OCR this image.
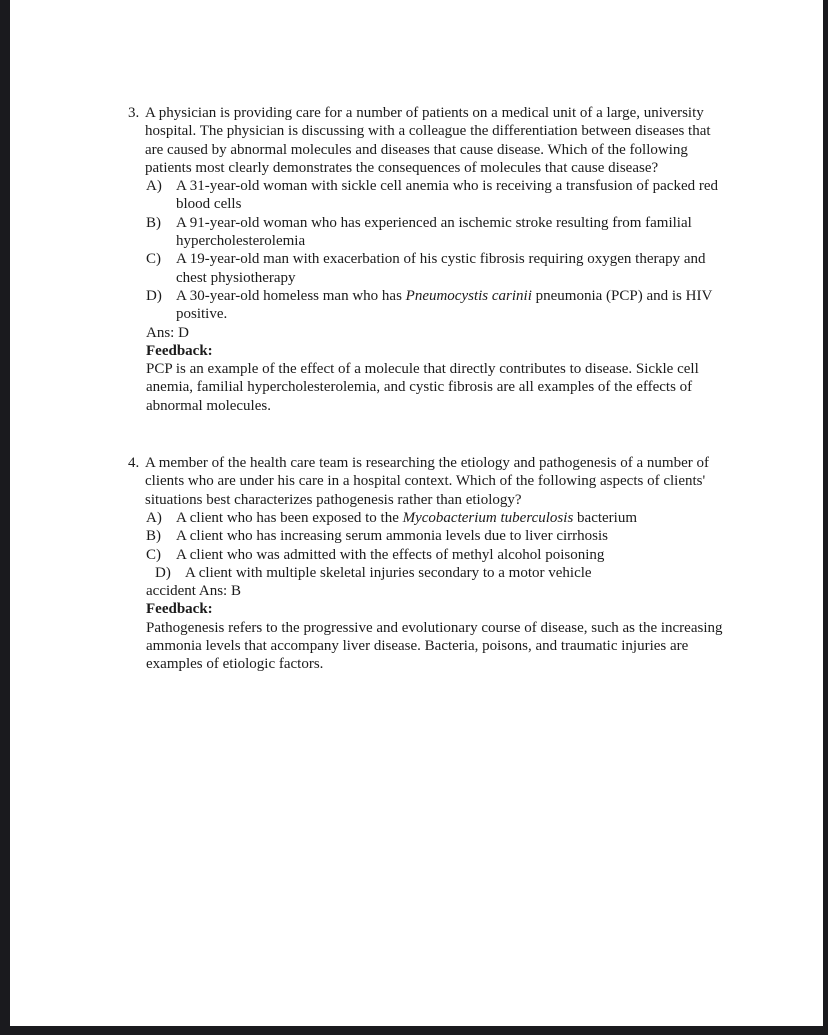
3. A physician is providing care for a number of patients on a medical unit of a large, university hospital. The physician is discussing with a colleague the differentiation between diseases that are caused by abnormal molecules and diseases that cause disease. Which of the following patients most clearly demonstrates the consequences of molecules that cause disease?

A) A 31-year-old woman with sickle cell anemia who is receiving a transfusion of packed red blood cells
B) A 91-year-old woman who has experienced an ischemic stroke resulting from familial hypercholesterolemia
C) A 19-year-old man with exacerbation of his cystic fibrosis requiring oxygen therapy and chest physiotherapy
D) A 30-year-old homeless man who has Pneumocystis carinii pneumonia (PCP) and is HIV positive.

Ans: D

Feedback:

PCP is an example of the effect of a molecule that directly contributes to disease. Sickle cell anemia, familial hypercholesterolemia, and cystic fibrosis are all examples of the effects of abnormal molecules.

4. A member of the health care team is researching the etiology and pathogenesis of a number of clients who are under his care in a hospital context. Which of the following aspects of clients' situations best characterizes pathogenesis rather than etiology?

A) A client who has been exposed to the Mycobacterium tuberculosis bacterium
B) A client who has increasing serum ammonia levels due to liver cirrhosis
C) A client who was admitted with the effects of methyl alcohol poisoning
D) A client with multiple skeletal injuries secondary to a motor vehicle

accident Ans: B

Feedback:

Pathogenesis refers to the progressive and evolutionary course of disease, such as the increasing ammonia levels that accompany liver disease. Bacteria, poisons, and traumatic injuries are examples of etiologic factors.
